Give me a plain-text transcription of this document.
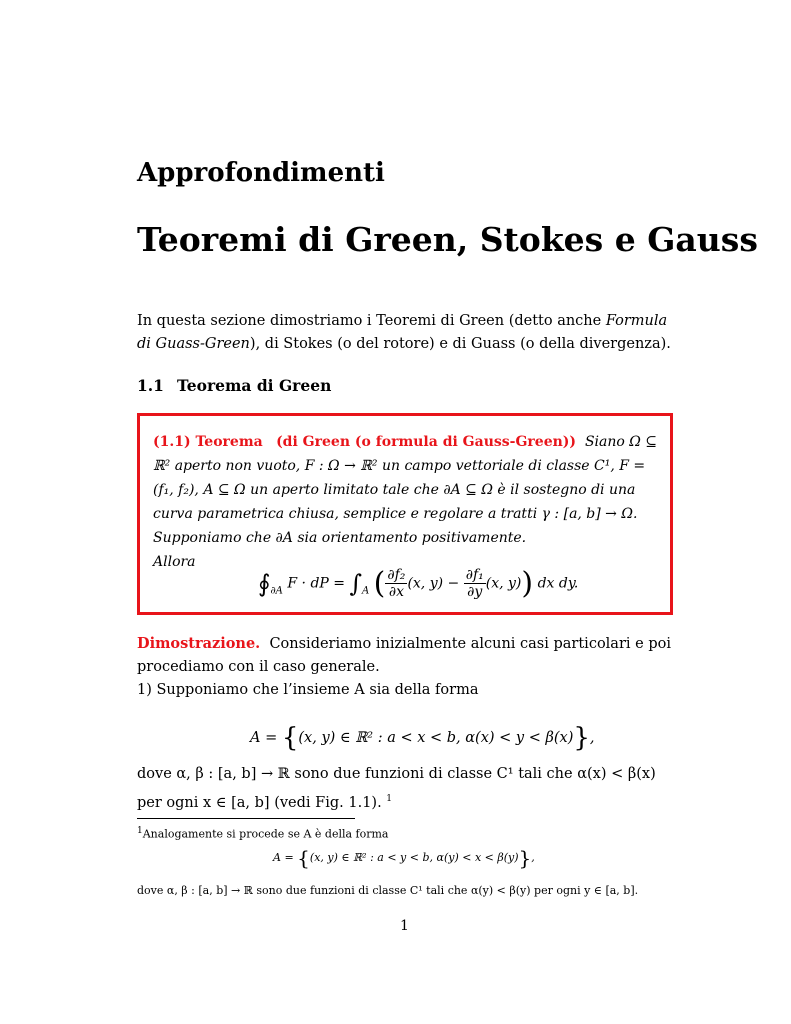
Approfondimenti
Teoremi di Green, Stokes e Gauss
In questa sezione dimostriamo i Teoremi di Green (detto anche Formula di Guass-Green), di Stokes (o del rotore) e di Guass (o della divergenza).
1.1 Teorema di Green
(1.1) Teorema (di Green (o formula di Gauss-Green)) Siano Ω ⊆ ℝ² aperto non vuoto, F : Ω → ℝ² un campo vettoriale di classe C¹, F = (f₁, f₂), A ⊆ Ω un aperto limitato tale che ∂A ⊆ Ω è il sostegno di una curva parametrica chiusa, semplice e regolare a tratti γ : [a, b] → Ω. Supponiamo che ∂A sia orientamento positivamente.
Allora
$∮_{\partial A}$ F · dP = $\int_A$ ( $\frac{\text{∂f₂}}{\partial x} (x$, $y) - \frac{\text{∂f₁}}{\partial y} (x$, y)) dx dy.
Dimostrazione. Consideriamo inizialmente alcuni casi particolari e poi procediamo con il caso generale.
1) Supponiamo che l’insieme A sia della forma
A = {(x, y) ∈ ℝ² : a < x < b, α(x) < y < β(x)},
dove α, β : [a, b] → ℝ sono due funzioni di classe C¹ tali che α(x) < β(x) per ogni x ∈ [a, b] (vedi Fig. 1.1). $^1$
$^1$Analogamente si procede se A è della forma
A = {(x, y) ∈ ℝ² : a < y < b, α(y) < x < β(y)},
dove α, β : [a, b] → ℝ sono due funzioni di classe C¹ tali che α(y) < β(y) per ogni y ∈ [a, b].
1
